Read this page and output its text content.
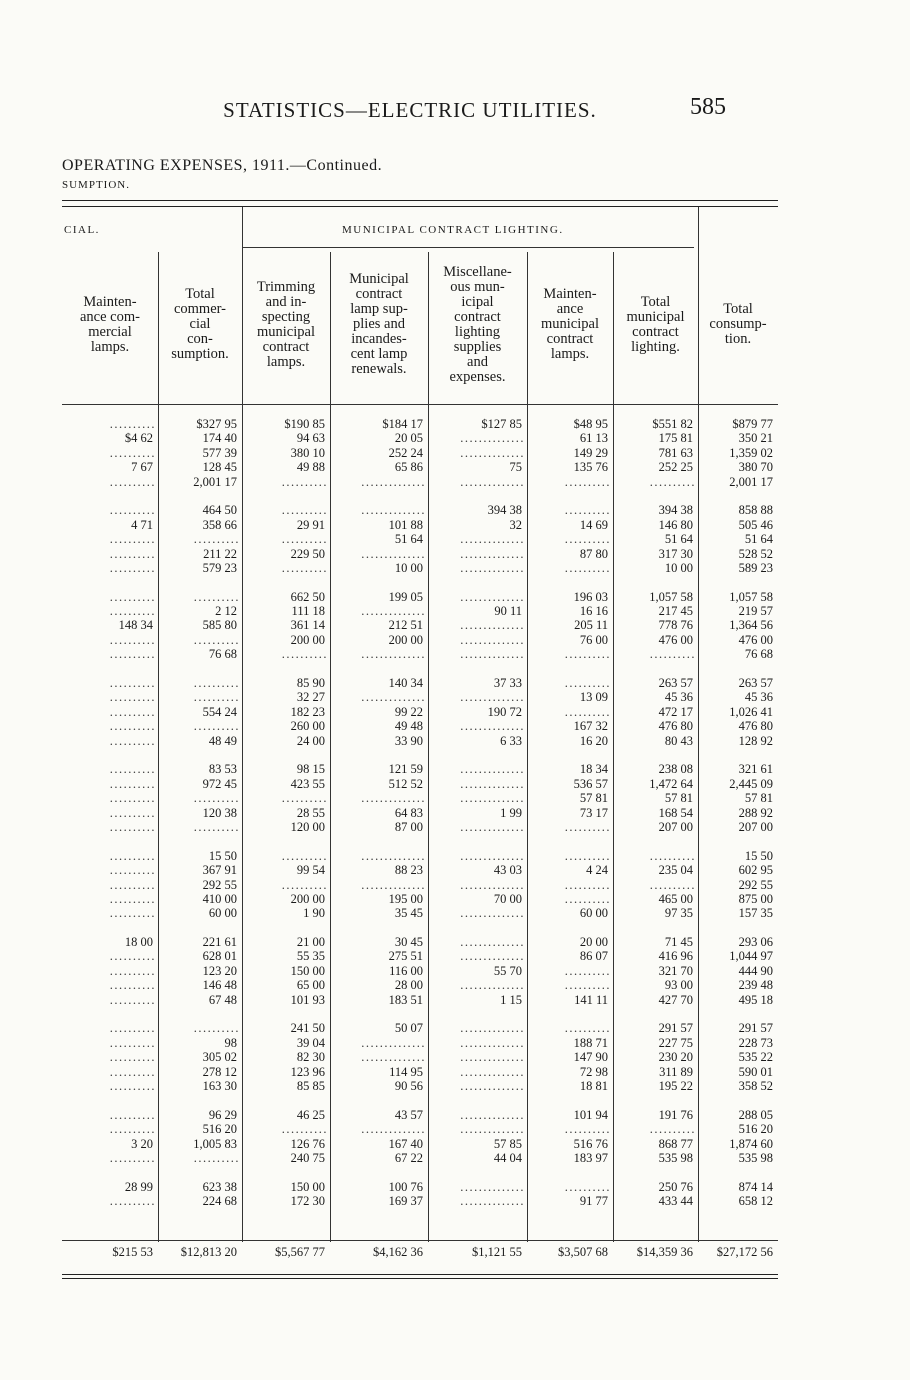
STATISTICS—ELECTRIC UTILITIES.	585
OPERATING EXPENSES, 1911.—Continued.
SUMPTION.
CIAL.	MUNICIPAL CONTRACT LIGHTING.
Mainten-
ance com-
mercial
lamps.
Total
commer-
cial
con-
sumption.
Trimming
and in-
specting
municipal
contract
lamps.
Municipal
contract
lamp sup-
plies and
incandes-
cent lamp
renewals.
Miscellane-
ous mun-
icipal
contract
lighting
supplies
and
expenses.
Mainten-
ance
municipal
contract
lamps.
Total
municipal
contract
lighting.
Total
consump-
tion.
..........	$327 95	$190 85	$184 17	$127 85	$48 95	$551 82	$879 77
$4 62	174 40	94 63	20 05	..............	61 13	175 81	350 21
..........	577 39	380 10	252 24	..............	149 29	781 63	1,359 02
7 67	128 45	49 88	65 86	75	135 76	252 25	380 70
..........	2,001 17	..........	..............	..............	..........	..........	2,001 17
..........	464 50	..........	..............	394 38	..........	394 38	858 88
4 71	358 66	29 91	101 88	32	14 69	146 80	505 46
..........	..........	..........	51 64	..............	..........	51 64	51 64
..........	211 22	229 50	..............	..............	87 80	317 30	528 52
..........	579 23	..........	10 00	..............	..........	10 00	589 23
..........	..........	662 50	199 05	..............	196 03	1,057 58	1,057 58
..........	2 12	111 18	..............	90 11	16 16	217 45	219 57
148 34	585 80	361 14	212 51	..............	205 11	778 76	1,364 56
..........	..........	200 00	200 00	..............	76 00	476 00	476 00
..........	76 68	..........	..............	..............	..........	..........	76 68
..........	..........	85 90	140 34	37 33	..........	263 57	263 57
..........	..........	32 27	..............	..............	13 09	45 36	45 36
..........	554 24	182 23	99 22	190 72	..........	472 17	1,026 41
..........	..........	260 00	49 48	..............	167 32	476 80	476 80
..........	48 49	24 00	33 90	6 33	16 20	80 43	128 92
..........	83 53	98 15	121 59	..............	18 34	238 08	321 61
..........	972 45	423 55	512 52	..............	536 57	1,472 64	2,445 09
..........	..........	..........	..............	..............	57 81	57 81	57 81
..........	120 38	28 55	64 83	1 99	73 17	168 54	288 92
..........	..........	120 00	87 00	..............	..........	207 00	207 00
..........	15 50	..........	..............	..............	..........	..........	15 50
..........	367 91	99 54	88 23	43 03	4 24	235 04	602 95
..........	292 55	..........	..............	..............	..........	..........	292 55
..........	410 00	200 00	195 00	70 00	..........	465 00	875 00
..........	60 00	1 90	35 45	..............	60 00	97 35	157 35
18 00	221 61	21 00	30 45	..............	20 00	71 45	293 06
..........	628 01	55 35	275 51	..............	86 07	416 96	1,044 97
..........	123 20	150 00	116 00	55 70	..........	321 70	444 90
..........	146 48	65 00	28 00	..............	..........	93 00	239 48
..........	67 48	101 93	183 51	1 15	141 11	427 70	495 18
..........	..........	241 50	50 07	..............	..........	291 57	291 57
..........	98	39 04	..............	..............	188 71	227 75	228 73
..........	305 02	82 30	..............	..............	147 90	230 20	535 22
..........	278 12	123 96	114 95	..............	72 98	311 89	590 01
..........	163 30	85 85	90 56	..............	18 81	195 22	358 52
..........	96 29	46 25	43 57	..............	101 94	191 76	288 05
..........	516 20	..........	..............	..............	..........	..........	516 20
3 20	1,005 83	126 76	167 40	57 85	516 76	868 77	1,874 60
..........	..........	240 75	67 22	44 04	183 97	535 98	535 98
28 99	623 38	150 00	100 76	..............	..........	250 76	874 14
..........	224 68	172 30	169 37	..............	91 77	433 44	658 12
$215 53	$12,813 20	$5,567 77	$4,162 36	$1,121 55	$3,507 68	$14,359 36	$27,172 56
